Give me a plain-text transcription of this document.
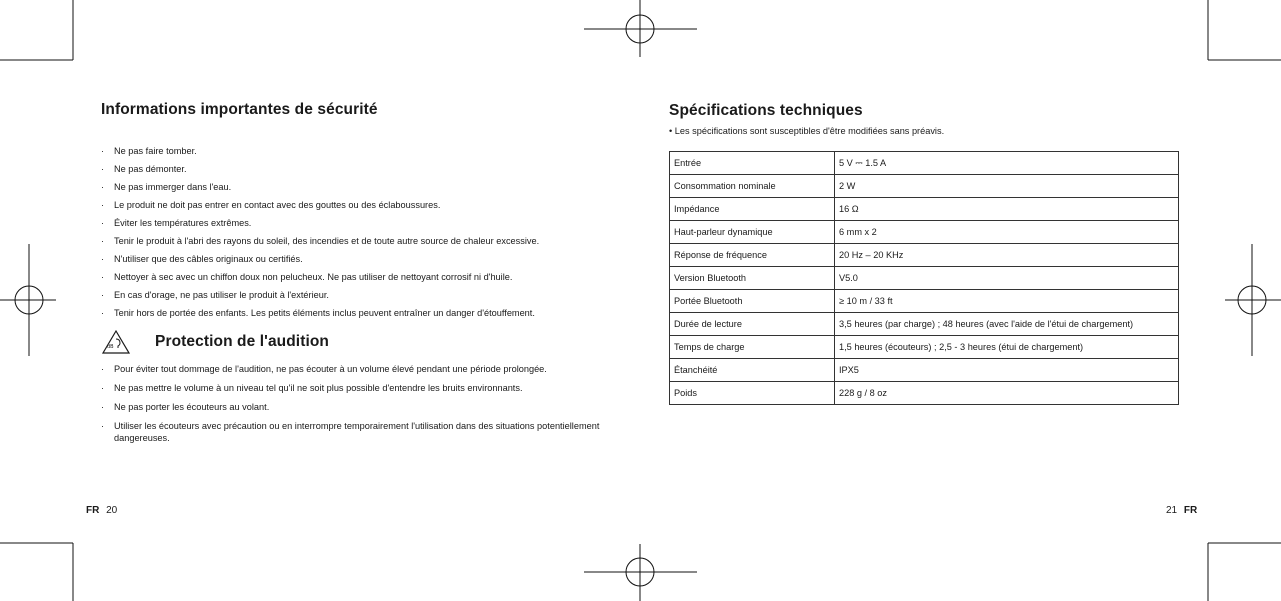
Informations importantes de sécurité
· Ne pas faire tomber.
· Ne pas démonter.
· Ne pas immerger dans l'eau.
· Le produit ne doit pas entrer en contact avec des gouttes ou des éclaboussures.
· Éviter les températures extrêmes.
· Tenir le produit à l'abri des rayons du soleil, des incendies et de toute autre source de chaleur excessive.
· N'utiliser que des câbles originaux ou certifiés.
· Nettoyer à sec avec un chiffon doux non pelucheux. Ne pas utiliser de nettoyant corrosif ni d'huile.
· En cas d'orage, ne pas utiliser le produit à l'extérieur.
· Tenir hors de portée des enfants. Les petits éléments inclus peuvent entraîner un danger d'étouffement.
dB	Protection de l'audition
· Pour éviter tout dommage de l'audition, ne pas écouter à un volume élevé pendant une période prolongée.
· Ne pas mettre le volume à un niveau tel qu'il ne soit plus possible d'entendre les bruits environnants.
· Ne pas porter les écouteurs au volant.
· Utiliser les écouteurs avec précaution ou en interrompre temporairement l'utilisation dans des situations potentiellement dangereuses.
Spécifications techniques

• Les spécifications sont susceptibles d'être modifiées sans préavis.

Entrée	5 V ⎓ 1.5 A
Consommation nominale	2 W
Impédance	16 Ω
Haut-parleur dynamique	6 mm x 2
Réponse de fréquence	20 Hz – 20 KHz
Version Bluetooth	V5.0
Portée Bluetooth	≥ 10 m / 33 ft
Durée de lecture	3,5 heures (par charge) ; 48 heures (avec l'aide de l'étui de chargement)
Temps de charge	1,5 heures (écouteurs) ; 2,5 - 3 heures (étui de chargement)
Étanchéité	IPX5
Poids	228 g / 8 oz
FR 20	21 FR
